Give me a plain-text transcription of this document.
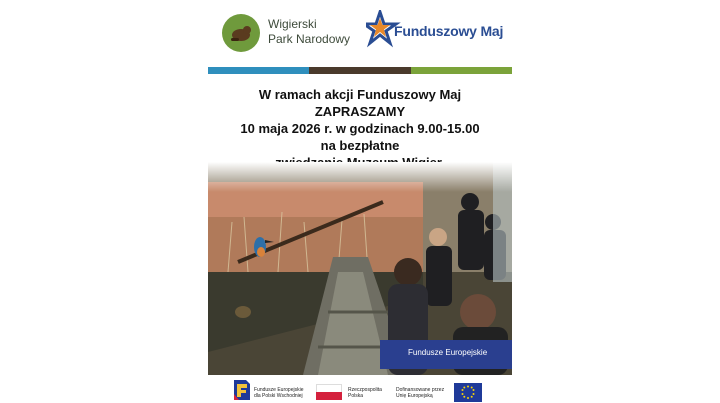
Wigierski
Park Narodowy	Funduszowy Maj
W ramach akcji Funduszowy Maj
ZAPRASZAMY
10 maja 2026 r. w godzinach 9.00-15.00
na bezpłatne
Fundusze Europejskie
Fundusze Europejskie
dla Polski Wschodniej
Rzeczpospolita
Polska
Dofinansowane przez
Unię Europejską
